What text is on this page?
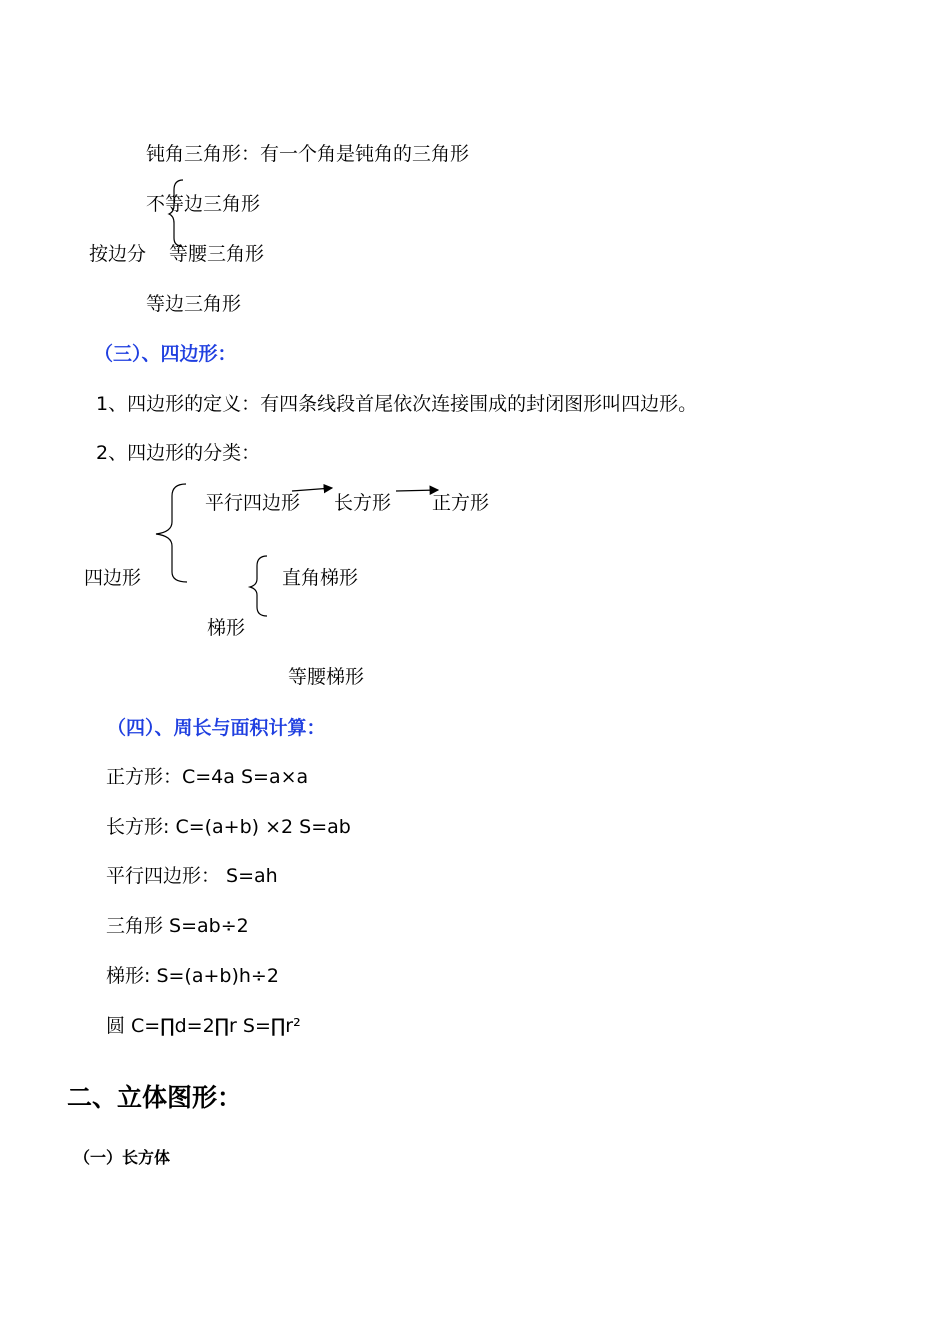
钝角三角形：有一个角是钝角的三角形
不等边三角形
按边分 等腰三角形
等边三角形
（三）、四边形：
1、四边形的定义：有四条线段首尾依次连接围成的封闭图形叫四边形。
2、四边形的分类：
平行四边形 长方形 正方形
四边形	直角梯形
梯形
等腰梯形
（四）、周长与面积计算：
正方形：C=4a S=a×a
长方形: C=(a+b) ×2 S=ab
平行四边形： S=ah
三角形 S=ab÷2
梯形: S=(a+b)h÷2
圆 C=∏d=2∏r S=∏r²
二、立体图形：
（一）长方体
